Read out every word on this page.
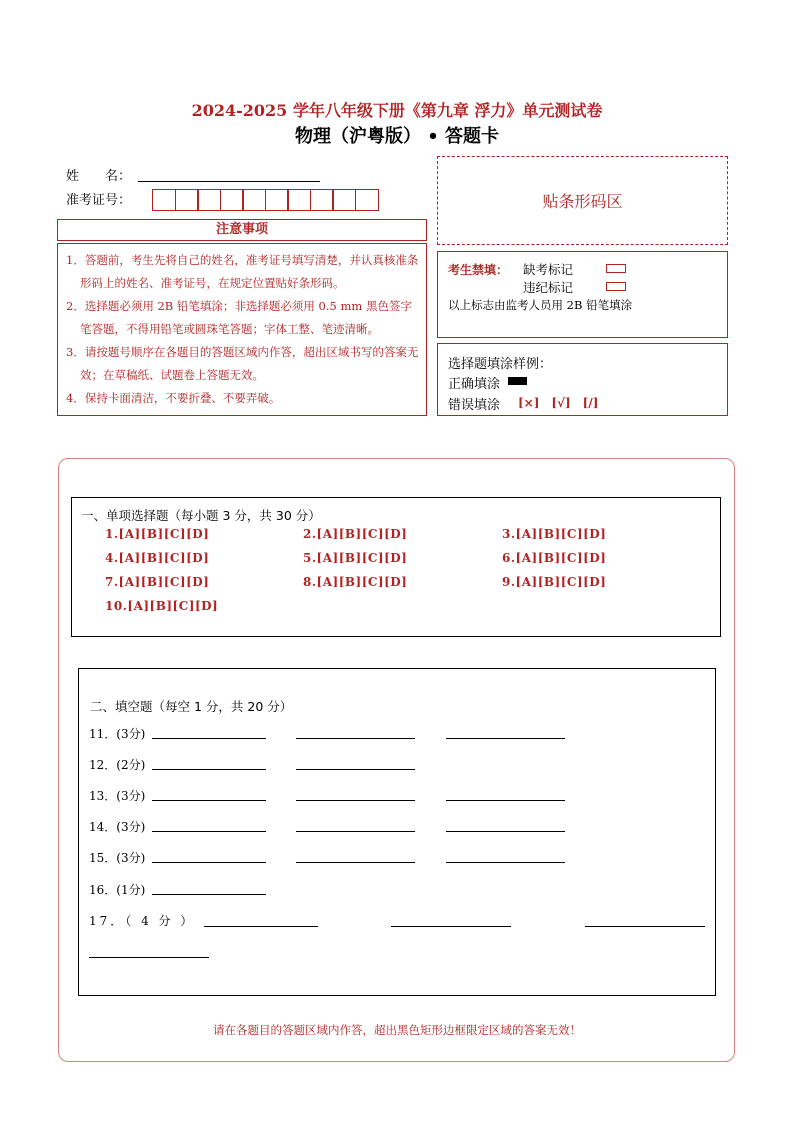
2024-2025 学年八年级下册《第九章 浮力》单元测试卷
物理（沪粤版） • 答题卡
姓　　名：
准考证号：	贴条形码区
注意事项

1．答题前，考生先将自己的姓名，准考证号填写清楚，并认真核准条形码上的姓名、准考证号，在规定位置贴好条形码。

2．选择题必须用 2B 铅笔填涂；非选择题必须用 0.5 mm 黑色签字笔答题，不得用铅笔或圆珠笔答题；字体工整、笔迹清晰。

3．请按题号顺序在各题目的答题区域内作答，超出区域书写的答案无效；在草稿纸、试题卷上答题无效。

4．保持卡面清洁，不要折叠、不要弄破。

考生禁填： 缺考标记
违纪标记
以上标志由监考人员用 2B 铅笔填涂
选择题填涂样例：
正确填涂
错误填涂 [×]　[√]　[/]
一、单项选择题（每小题 3 分，共 30 分）
1.[A][B][C][D]	2.[A][B][C][D]	3.[A][B][C][D]
4.[A][B][C][D]	5.[A][B][C][D]	6.[A][B][C][D]
7.[A][B][C][D]	8.[A][B][C][D]	9.[A][B][C][D]
10.[A][B][C][D]
二、填空题（每空 1 分，共 20 分）
11．(3分)
12．(2分)
13．(3分)
14．(3分)
15．(3分)
16．(1分)
17．（ 4 分 ）
请在各题目的答题区域内作答，超出黑色矩形边框限定区域的答案无效！
